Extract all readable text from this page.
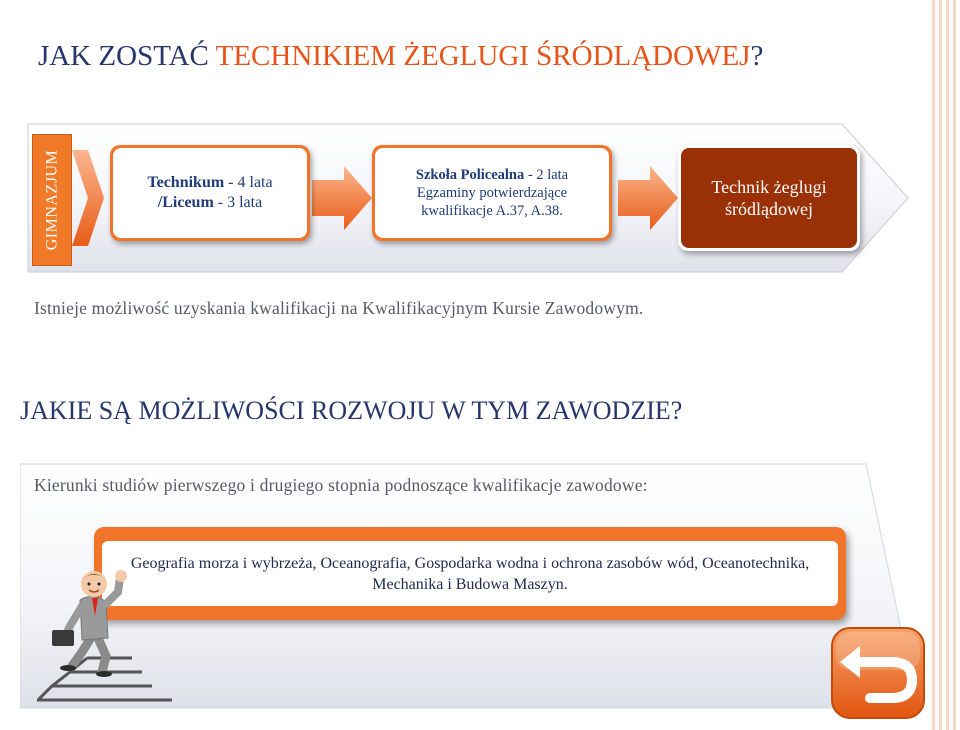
JAK ZOSTAĆ TECHNIKIEM ŻEGLUGI ŚRÓDLĄDOWEJ?
GIMNAZJUM	Technikum - 4 lata
/Liceum - 3 lata
Szkoła Policealna - 2 lata
Egzaminy potwierdzające
kwalifikacje A.37, A.38.
Technik żeglugi śródlądowej
Istnieje możliwość uzyskania kwalifikacji na Kwalifikacyjnym Kursie Zawodowym.
JAKIE SĄ MOŻLIWOŚCI ROZWOJU W TYM ZAWODZIE?
Kierunki studiów pierwszego i drugiego stopnia podnoszące kwalifikacje zawodowe:
Geografia morza i wybrzeża, Oceanografia, Gospodarka wodna i ochrona zasobów wód, Oceanotechnika, Mechanika i Budowa Maszyn.
